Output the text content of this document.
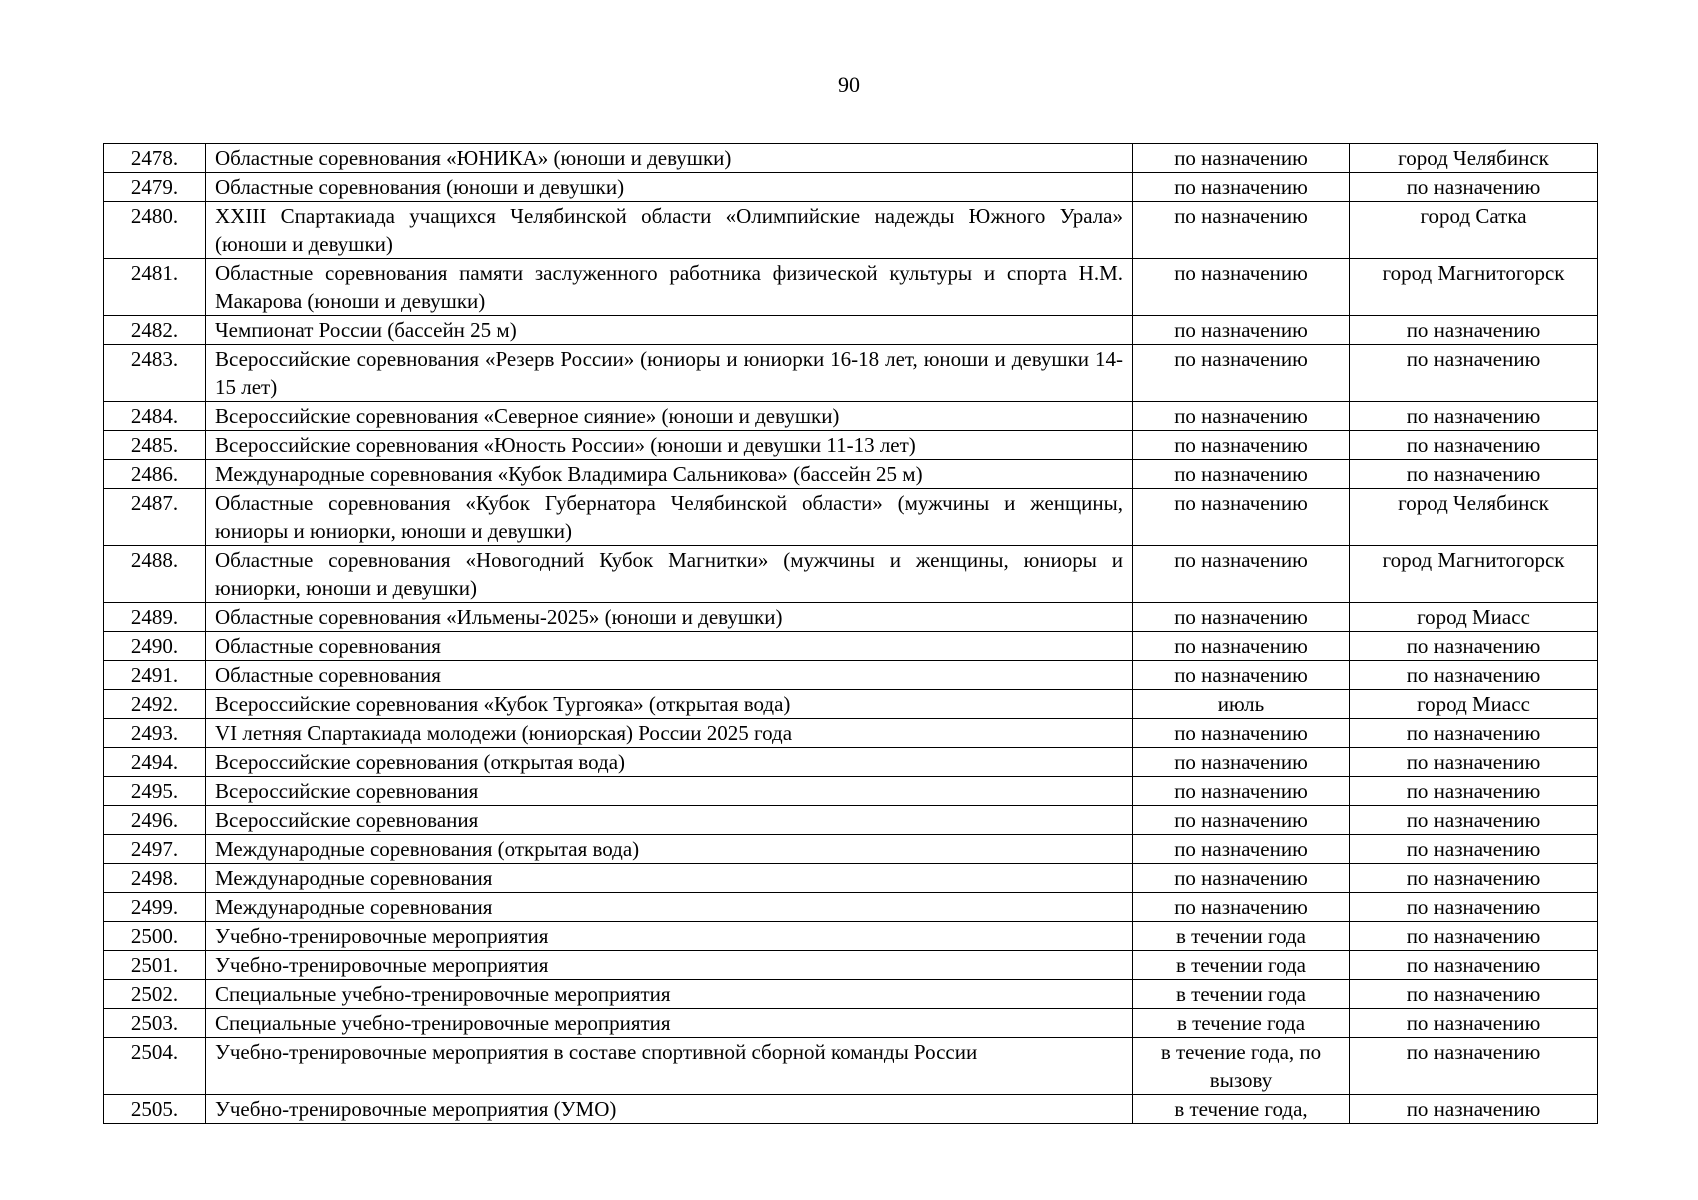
90
2478.	Областные соревнования «ЮНИКА» (юноши и девушки)	по назначению	город Челябинск
2479.	Областные соревнования (юноши и девушки)	по назначению	по назначению
2480.	XXIII Спартакиада учащихся Челябинской области «Олимпийские надежды Южного Урала» (юноши и девушки)	по назначению	город Сатка
2481.	Областные соревнования памяти заслуженного работника физической культуры и спорта Н.М. Макарова (юноши и девушки)	по назначению	город Магнитогорск
2482.	Чемпионат России (бассейн 25 м)	по назначению	по назначению
2483.	Всероссийские соревнования «Резерв России» (юниоры и юниорки 16-18 лет, юноши и девушки 14-15 лет)	по назначению	по назначению
2484.	Всероссийские соревнования «Северное сияние» (юноши и девушки)	по назначению	по назначению
2485.	Всероссийские соревнования «Юность России» (юноши и девушки 11-13 лет)	по назначению	по назначению
2486.	Международные соревнования «Кубок Владимира Сальникова» (бассейн 25 м)	по назначению	по назначению
2487.	Областные соревнования «Кубок Губернатора Челябинской области» (мужчины и женщины, юниоры и юниорки, юноши и девушки)	по назначению	город Челябинск
2488.	Областные соревнования «Новогодний Кубок Магнитки» (мужчины и женщины, юниоры и юниорки, юноши и девушки)	по назначению	город Магнитогорск
2489.	Областные соревнования «Ильмены-2025» (юноши и девушки)	по назначению	город Миасс
2490.	Областные соревнования	по назначению	по назначению
2491.	Областные соревнования	по назначению	по назначению
2492.	Всероссийские соревнования «Кубок Тургояка» (открытая вода)	июль	город Миасс
2493.	VI летняя Спартакиада молодежи (юниорская) России 2025 года	по назначению	по назначению
2494.	Всероссийские соревнования (открытая вода)	по назначению	по назначению
2495.	Всероссийские соревнования	по назначению	по назначению
2496.	Всероссийские соревнования	по назначению	по назначению
2497.	Международные соревнования (открытая вода)	по назначению	по назначению
2498.	Международные соревнования	по назначению	по назначению
2499.	Международные соревнования	по назначению	по назначению
2500.	Учебно-тренировочные мероприятия	в течении года	по назначению
2501.	Учебно-тренировочные мероприятия	в течении года	по назначению
2502.	Специальные учебно-тренировочные мероприятия	в течении года	по назначению
2503.	Специальные учебно-тренировочные мероприятия	в течение года	по назначению
2504.	Учебно-тренировочные мероприятия в составе спортивной сборной команды России	в течение года, по вызову	по назначению
2505.	Учебно-тренировочные мероприятия (УМО)	в течение года,	по назначению
